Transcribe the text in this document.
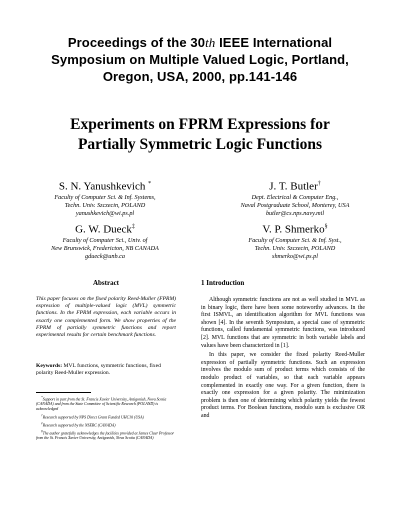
Proceedings of the 30th IEEE International
Symposium on Multiple Valued Logic, Portland,
Oregon, USA, 2000, pp.141-146
Experiments on FPRM Expressions for
Partially Symmetric Logic Functions
S. N. Yanushkevich *
Faculty of Computer Sci. & Inf. Systems,
Techn. Univ. Szczecin, POLAND
yanushkevich@wi.ps.pl
J. T. Butler†
Dept. Electrical & Computer Eng.,
Naval Postgraduate School, Monterey, USA
butler@cs.nps.navy.mil
G. W. Dueck‡
Faculty of Computer Sci., Univ. of
New Brunswick, Fredericton, NB CANADA
gdueck@unb.ca
V. P. Shmerko§
Faculty of Computer Sci. & Inf. Syst.,
Techn. Univ. Szczecin, POLAND
shmerko@wi.ps.pl
Abstract
This paper focuses on the fixed polarity Reed-Muller (FPRM) expression of multiple-valued logic (MVL) symmetric functions. In the FPRM expression, each variable occurs in exactly one complemented form. We show properties of the FPRM of partially symmetric functions and report experimental results for certain benchmark functions.
Keywords: MVL functions, symmetric functions, fixed polarity Reed-Muller expression.

*Support in part from the St. Francis Xavier University, Antigonish, Nova Scotia (CANADA) and from the State Committee of Scientific Research (POLAND) is acknowledged

†Research supported by NPS Direct Grant Funded UHC10 (USA)

‡Research supported by the NSERC (CANADA)

§The author gratefully acknowledges the facilities provided at James Claer Professor from the St. Francis Xavier University, Antigonish, Nova Scotia (CANADA)

1 Introduction

Although symmetric functions are not as well studied in MVL as in binary logic, there have been some noteworthy advances. In the first ISMVL, an identification algorithm for MVL functions was shown [4]. In the seventh Symposium, a special case of symmetric functions, called fundamental symmetric functions, was introduced [2]. MVL functions that are symmetric in both variable labels and values have been characterized in [1].

In this paper, we consider the fixed polarity Reed-Muller expression of partially symmetric functions. Such an expression involves the modulo sum of product terms which consists of the modulo product of variables, so that each variable appears complemented in exactly one way. For a given function, there is exactly one expression for a given polarity. The minimization problem is then one of determining which polarity yields the fewest product terms. For Boolean functions, modulo sum is exclusive OR and
